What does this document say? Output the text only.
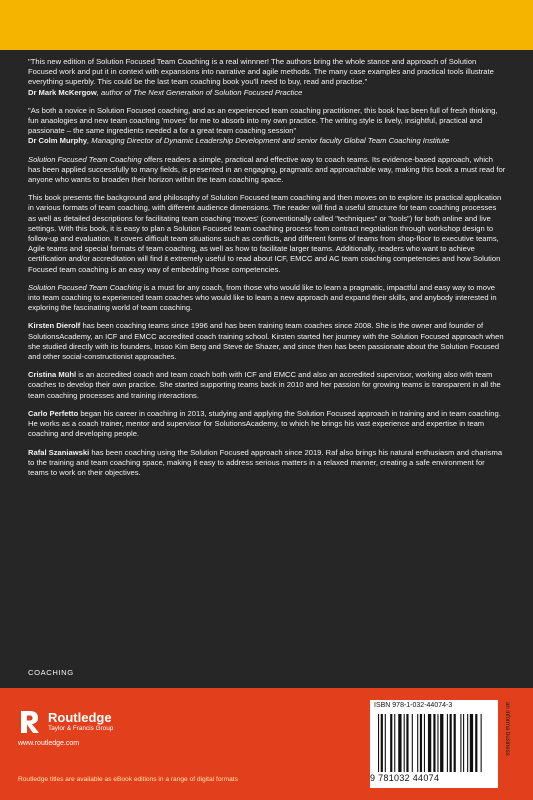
"This new edition of Solution Focused Team Coaching is a real winnner! The authors bring the whole stance and approach of Solution Focused work and put it in context with expansions into narrative and agile methods. The many case examples and practical tools illustrate everything superbly. This could be the last team coaching book you'll need to buy, read and practise."
Dr Mark McKergow, author of The Next Generation of Solution Focused Practice

"As both a novice in Solution Focused coaching, and as an experienced team coaching practitioner, this book has been full of fresh thinking, fun anaologies and new team coaching 'moves' for me to absorb into my own practice. The writing style is lively, insightful, practical and passionate – the same ingredients needed a for a great team coaching session"
Dr Colm Murphy, Managing Director of Dynamic Leadership Development and senior faculty Global Team Coaching Institute

Solution Focused Team Coaching offers readers a simple, practical and effective way to coach teams. Its evidence-based approach, which has been applied successfully to many fields, is presented in an engaging, pragmatic and approachable way, making this book a must read for anyone who wants to broaden their horizon within the team coaching space.

This book presents the background and philosophy of Solution Focused team coaching and then moves on to explore its practical application in various formats of team coaching, with different audience dimensions. The reader will find a useful structure for team coaching processes as well as detailed descriptions for facilitating team coaching 'moves' (conventionally called "techniques" or "tools") for both online and live settings. With this book, it is easy to plan a Solution Focused team coaching process from contract negotiation through workshop design to follow-up and evaluation. It covers difficult team situations such as conflicts, and different forms of teams from shop-floor to executive teams, Agile teams and special formats of team coaching, as well as how to facilitate larger teams. Additionally, readers who want to achieve certification and/or accreditation will find it extremely useful to read about ICF, EMCC and AC team coaching competencies and how Solution Focused team coaching is an easy way of embedding those competencies.

Solution Focused Team Coaching is a must for any coach, from those who would like to learn a pragmatic, impactful and easy way to move into team coaching to experienced team coaches who would like to learn a new approach and expand their skills, and anybody interested in exploring the fascinating world of team coaching.

Kirsten Dierolf has been coaching teams since 1996 and has been training team coaches since 2008. She is the owner and founder of SolutionsAcademy, an ICF and EMCC accredited coach training school. Kirsten started her journey with the Solution Focused approach when she studied directly with its founders, Insoo Kim Berg and Steve de Shazer, and since then has been passionate about the Solution Focused and other social-constructionist approaches.

Cristina Mühl is an accredited coach and team coach both with ICF and EMCC and also an accredited supervisor, working also with team coaches to develop their own practice. She started supporting teams back in 2010 and her passion for growing teams is transparent in all the team coaching processes and training interactions.

Carlo Perfetto began his career in coaching in 2013, studying and applying the Solution Focused approach in training and in team coaching. He works as a coach trainer, mentor and supervisor for SolutionsAcademy, to which he brings his vast experience and expertise in team coaching and developing people.

Rafal Szaniawski has been coaching using the Solution Focused approach since 2019. Raf also brings his natural enthusiasm and charisma to the training and team coaching space, making it easy to address serious matters in a relaxed manner, creating a safe environment for teams to work on their objectives.

COACHING
Routledge
Taylor & Francis Group
www.routledge.com
Routledge titles are available as eBook editions in a range of digital formats
ISBN 978-1-032-44074-3
9 781032 44074
an informa business
